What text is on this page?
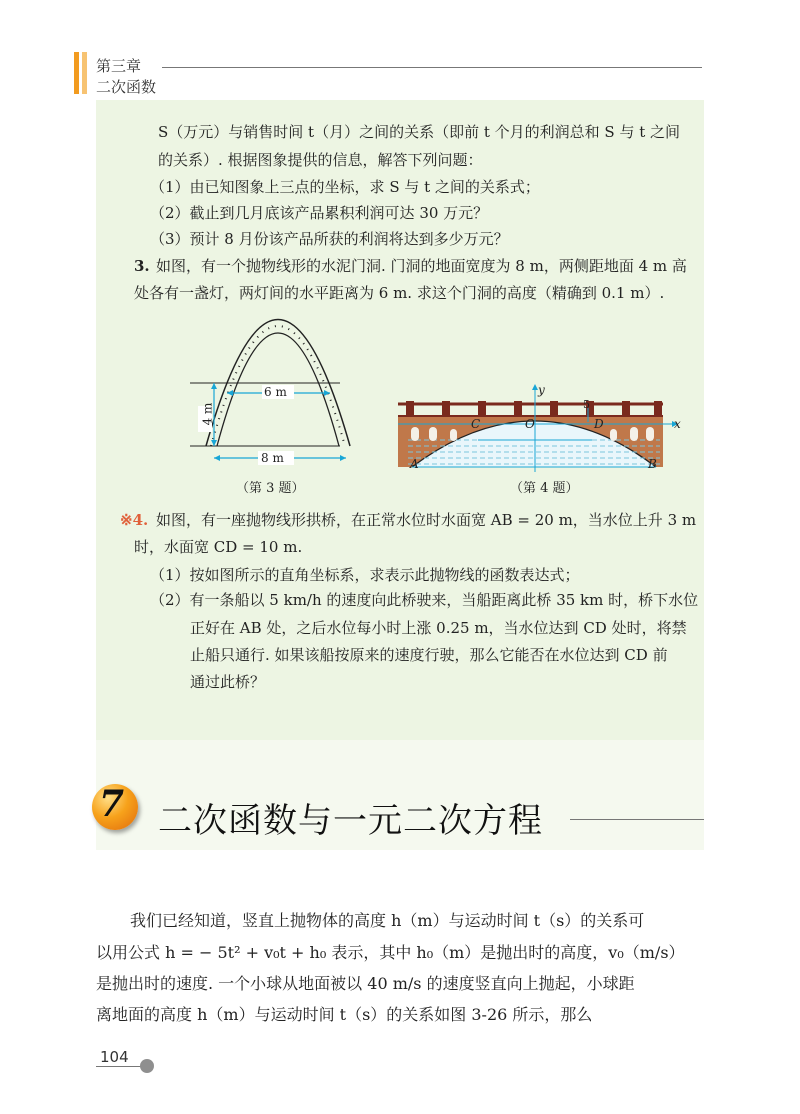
第三章
二次函数
S（万元）与销售时间 t（月）之间的关系（即前 t 个月的利润总和 S 与 t 之间
的关系）. 根据图象提供的信息，解答下列问题：
（1）由已知图象上三点的坐标，求 S 与 t 之间的关系式；
（2）截止到几月底该产品累积利润可达 30 万元？
（3）预计 8 月份该产品所获的利润将达到多少万元？
3. 如图，有一个抛物线形的水泥门洞. 门洞的地面宽度为 8 m，两侧距地面 4 m 高
处各有一盏灯，两灯间的水平距离为 6 m. 求这个门洞的高度（精确到 0.1 m）.
6 m
4 m
8 m
（第 3 题）
y
x
O
C	D
A	B
5
（第 4 题）
※4. 如图，有一座抛物线形拱桥，在正常水位时水面宽 AB = 20 m，当水位上升 3 m
时，水面宽 CD = 10 m.
（1）按如图所示的直角坐标系，求表示此抛物线的函数表达式；
（2）有一条船以 5 km/h 的速度向此桥驶来，当船距离此桥 35 km 时，桥下水位
正好在 AB 处，之后水位每小时上涨 0.25 m，当水位达到 CD 处时，将禁
止船只通行. 如果该船按原来的速度行驶，那么它能否在水位达到 CD 前
通过此桥？
7 二次函数与一元二次方程
我们已经知道，竖直上抛物体的高度 h（m）与运动时间 t（s）的关系可
以用公式 h = − 5t² + v₀t + h₀ 表示，其中 h₀（m）是抛出时的高度，v₀（m/s）
是抛出时的速度. 一个小球从地面被以 40 m/s 的速度竖直向上抛起，小球距
离地面的高度 h（m）与运动时间 t（s）的关系如图 3-26 所示，那么
104
